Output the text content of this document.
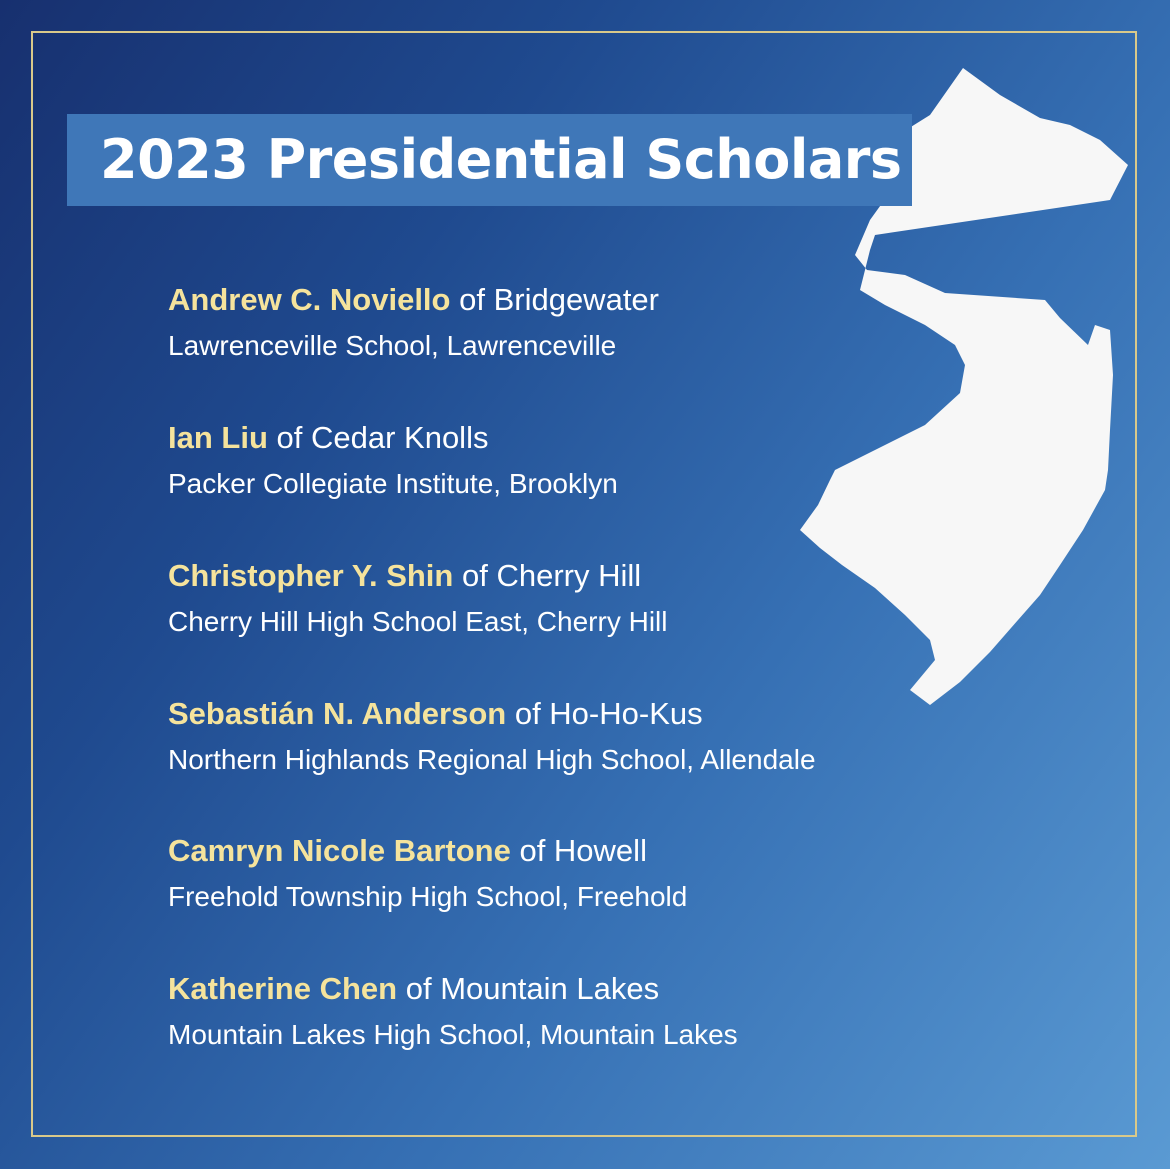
2023 Presidential Scholars
Andrew C. Noviello of Bridgewater
Lawrenceville School, Lawrenceville
Ian Liu of Cedar Knolls
Packer Collegiate Institute, Brooklyn
Christopher Y. Shin of Cherry Hill
Cherry Hill High School East, Cherry Hill
Sebastián N. Anderson of Ho-Ho-Kus
Northern Highlands Regional High School, Allendale
Camryn Nicole Bartone of Howell
Freehold Township High School, Freehold
Katherine Chen of Mountain Lakes
Mountain Lakes High School, Mountain Lakes
